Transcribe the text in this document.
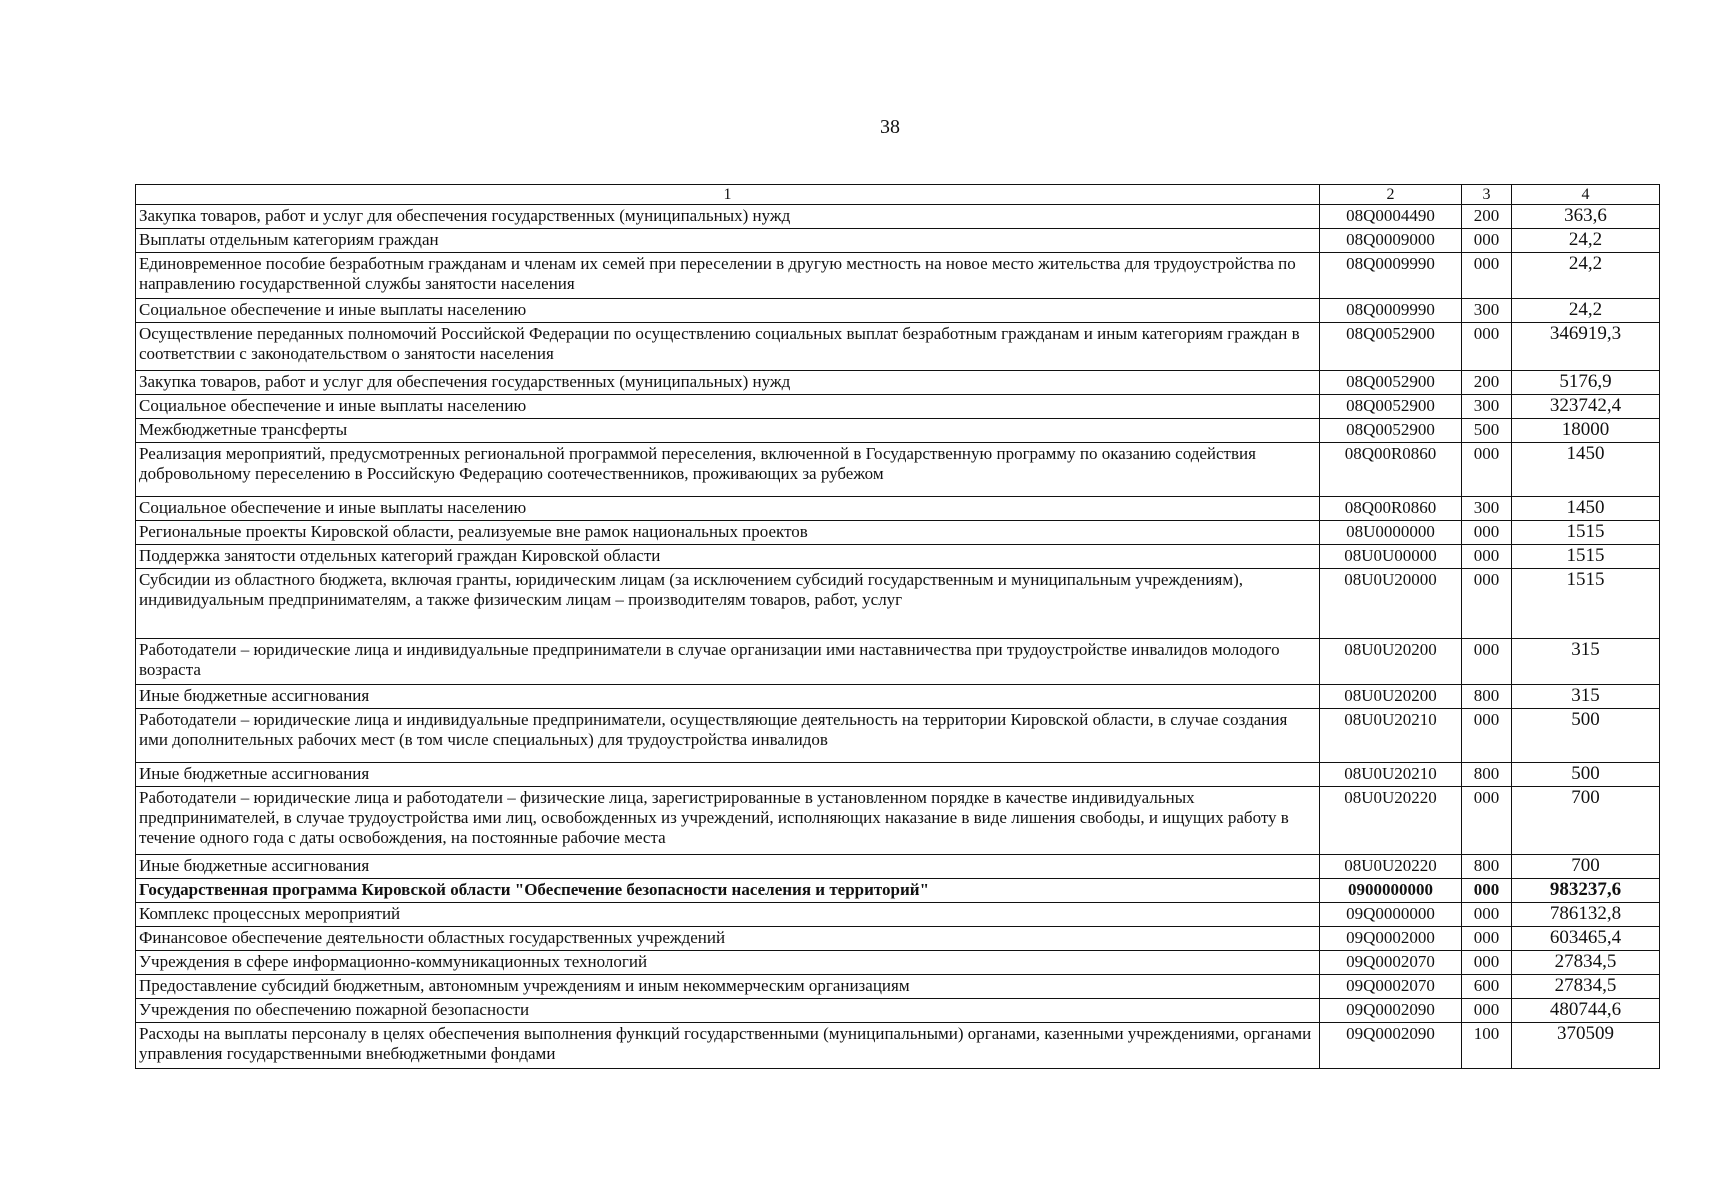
38
1	2	3	4
Закупка товаров, работ и услуг для обеспечения государственных (муниципальных) нужд	08Q0004490	200	363,6
Выплаты отдельным категориям граждан	08Q0009000	000	24,2
Единовременное пособие безработным гражданам и членам их семей при переселении в другую местность на новое место жительства для трудоустройства по направлению государственной службы занятости населения	08Q0009990	000	24,2
Социальное обеспечение и иные выплаты населению	08Q0009990	300	24,2
Осуществление переданных полномочий Российской Федерации по осуществлению социальных выплат безработным гражданам и иным категориям граждан в соответствии с законодательством о занятости населения	08Q0052900	000	346919,3
Закупка товаров, работ и услуг для обеспечения государственных (муниципальных) нужд	08Q0052900	200	5176,9
Социальное обеспечение и иные выплаты населению	08Q0052900	300	323742,4
Межбюджетные трансферты	08Q0052900	500	18000
Реализация мероприятий, предусмотренных региональной программой переселения, включенной в Государственную программу по оказанию содействия добровольному переселению в Российскую Федерацию соотечественников, проживающих за рубежом	08Q00R0860	000	1450
Социальное обеспечение и иные выплаты населению	08Q00R0860	300	1450
Региональные проекты Кировской области, реализуемые вне рамок национальных проектов	08U0000000	000	1515
Поддержка занятости отдельных категорий граждан Кировской области	08U0U00000	000	1515
Субсидии из областного бюджета, включая гранты, юридическим лицам (за исключением субсидий государственным и муниципальным учреждениям), индивидуальным предпринимателям, а также физическим лицам – производителям товаров, работ, услуг	08U0U20000	000	1515
Работодатели – юридические лица и индивидуальные предприниматели в случае организации ими наставничества при трудоустройстве инвалидов молодого возраста	08U0U20200	000	315
Иные бюджетные ассигнования	08U0U20200	800	315
Работодатели – юридические лица и индивидуальные предприниматели, осуществляющие деятельность на территории Кировской области, в случае создания ими дополнительных рабочих мест (в том числе специальных) для трудоустройства инвалидов	08U0U20210	000	500
Иные бюджетные ассигнования	08U0U20210	800	500
Работодатели – юридические лица и работодатели – физические лица, зарегистрированные в установленном порядке в качестве индивидуальных предпринимателей, в случае трудоустройства ими лиц, освобожденных из учреждений, исполняющих наказание в виде лишения свободы, и ищущих работу в течение одного года с даты освобождения, на постоянные рабочие места	08U0U20220	000	700
Иные бюджетные ассигнования	08U0U20220	800	700
Государственная программа Кировской области "Обеспечение безопасности населения и территорий"	0900000000	000	983237,6
Комплекс процессных мероприятий	09Q0000000	000	786132,8
Финансовое обеспечение деятельности областных государственных учреждений	09Q0002000	000	603465,4
Учреждения в сфере информационно-коммуникационных технологий	09Q0002070	000	27834,5
Предоставление субсидий бюджетным, автономным учреждениям и иным некоммерческим организациям	09Q0002070	600	27834,5
Учреждения по обеспечению пожарной безопасности	09Q0002090	000	480744,6
Расходы на выплаты персоналу в целях обеспечения выполнения функций государственными (муниципальными) органами, казенными учреждениями, органами управления государственными внебюджетными фондами	09Q0002090	100	370509
